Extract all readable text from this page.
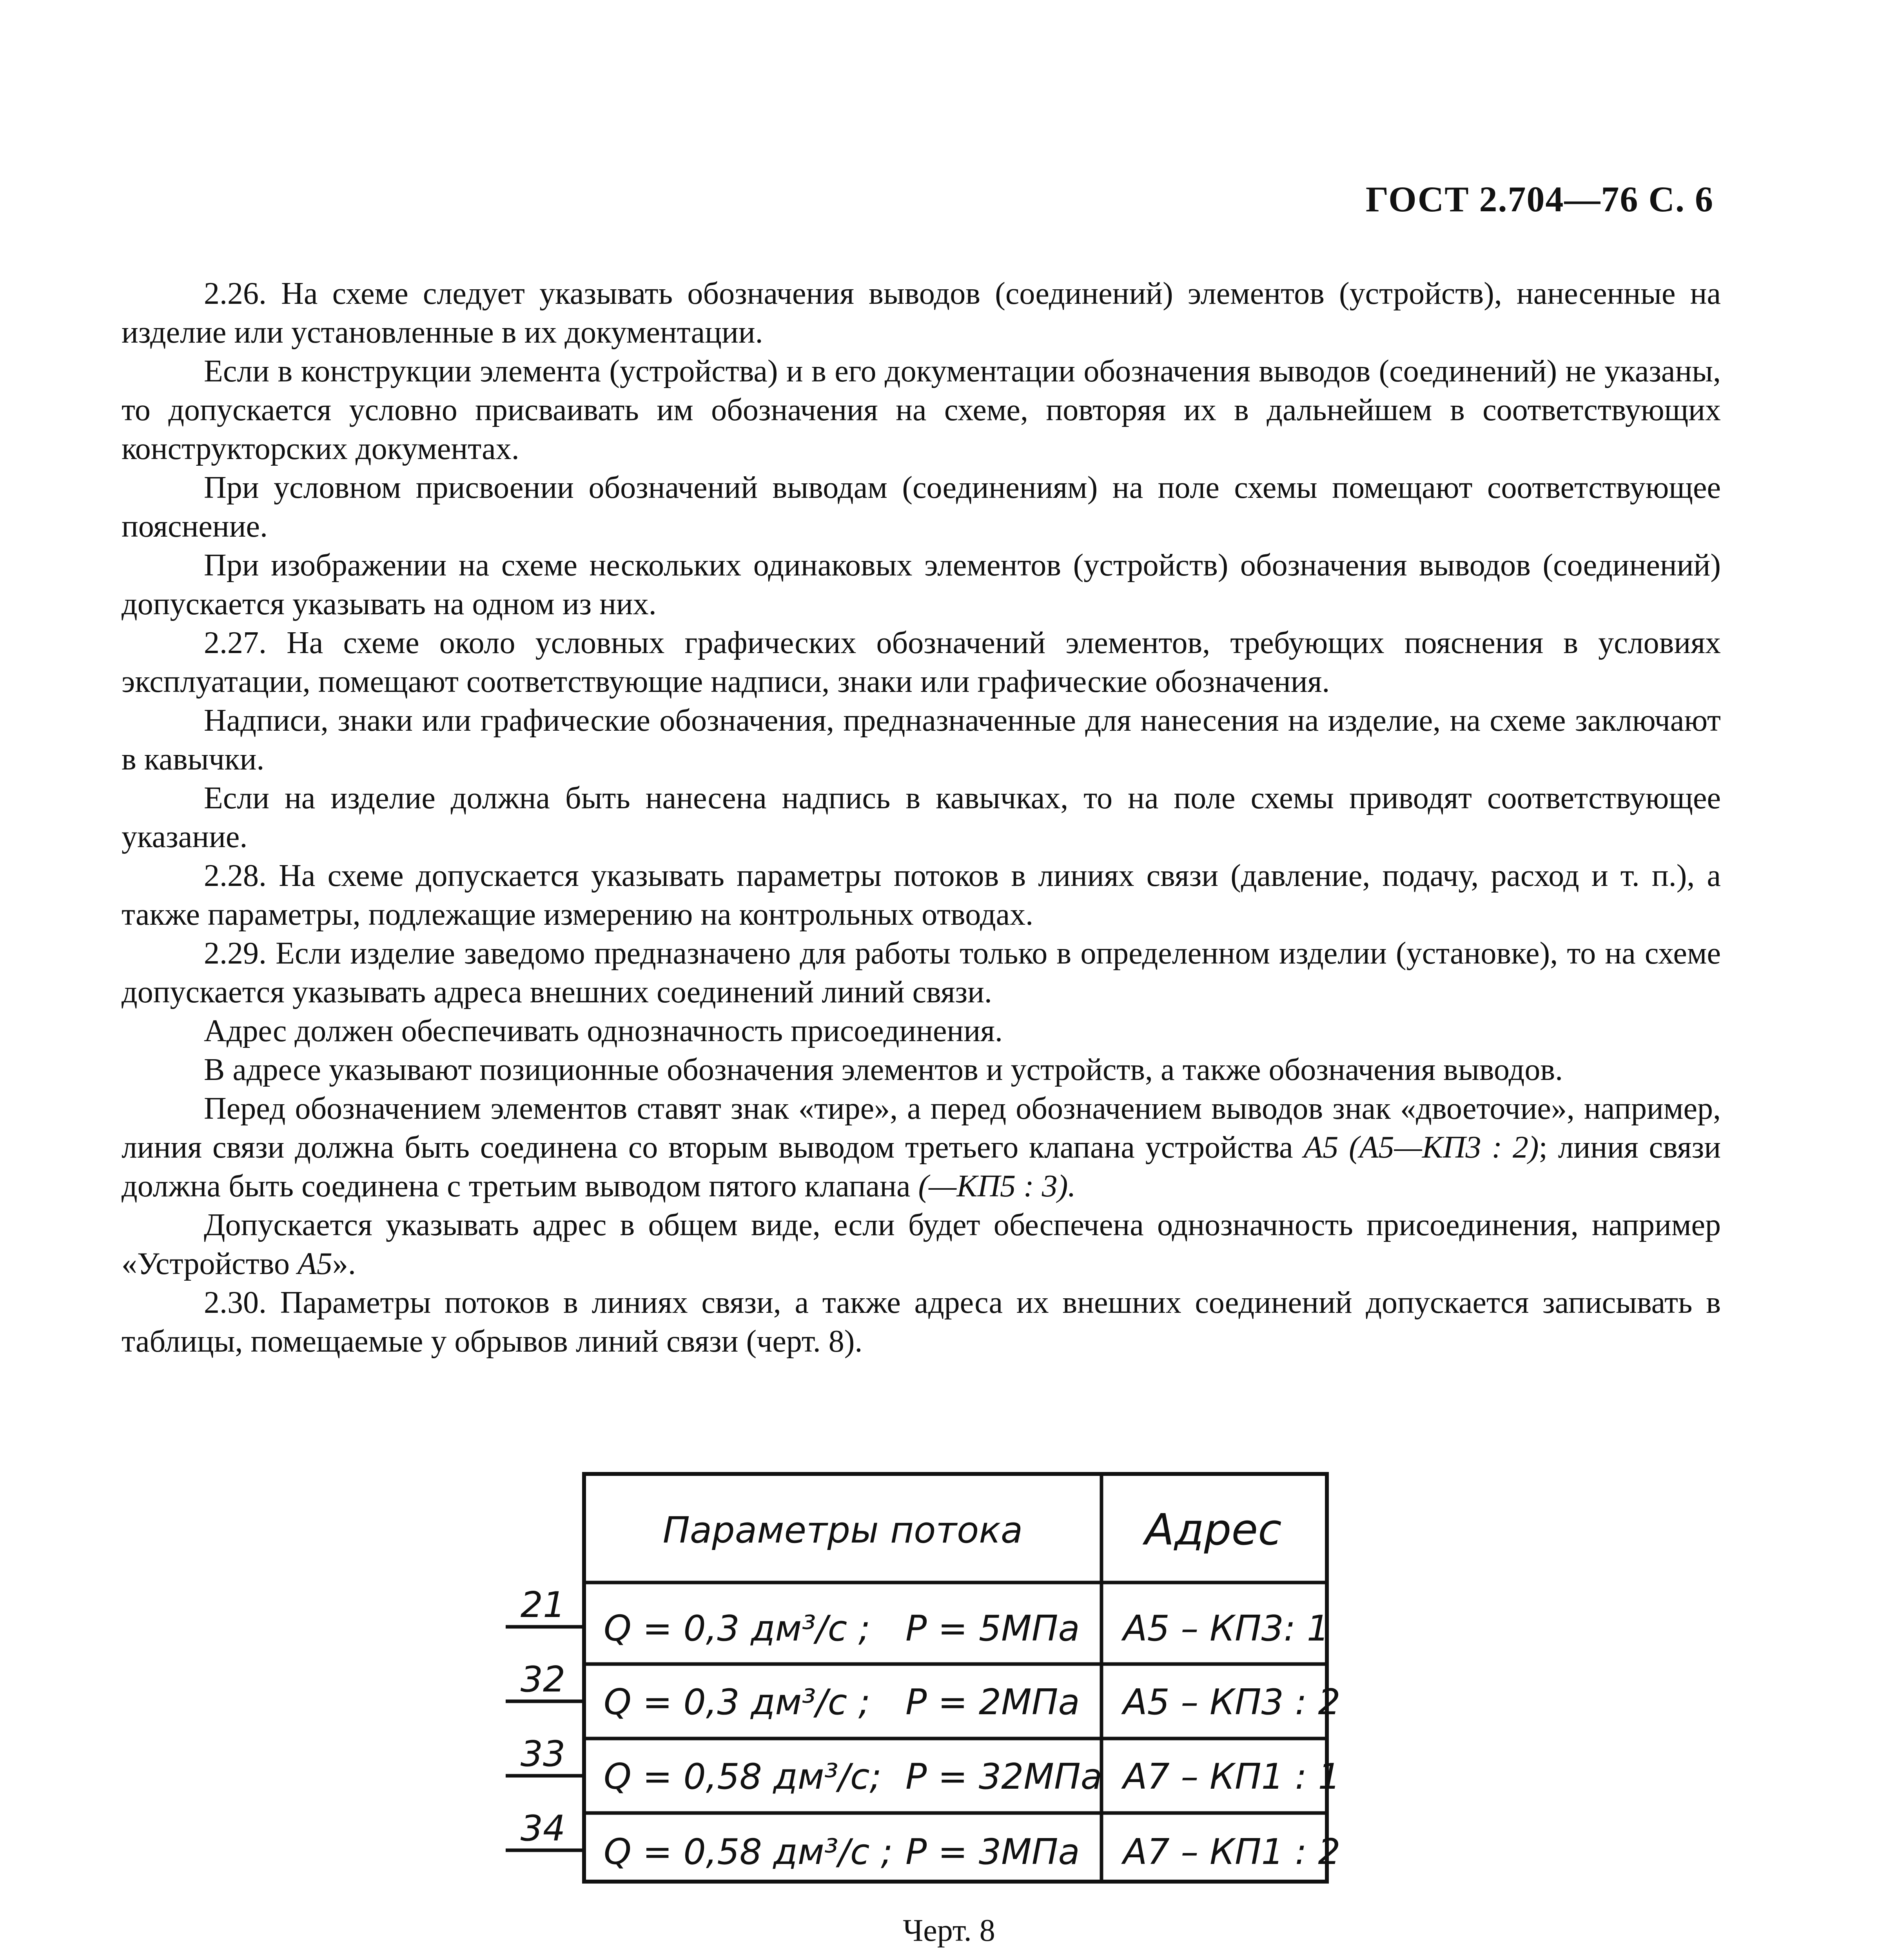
ГОСТ 2.704—76 С. 6

2.26. На схеме следует указывать обозначения выводов (соединений) элементов (устройств), нанесенные на изделие или установленные в их документации.

Если в конструкции элемента (устройства) и в его документации обозначения выводов (соединений) не указаны, то допускается условно присваивать им обозначения на схеме, повторяя их в дальнейшем в соответствующих конструкторских документах.

При условном присвоении обозначений выводам (соединениям) на поле схемы помещают соответствующее пояснение.

При изображении на схеме нескольких одинаковых элементов (устройств) обозначения выводов (соединений) допускается указывать на одном из них.

2.27. На схеме около условных графических обозначений элементов, требующих пояснения в условиях эксплуатации, помещают соответствующие надписи, знаки или графические обозначения.

Надписи, знаки или графические обозначения, предназначенные для нанесения на изделие, на схеме заключают в кавычки.

Если на изделие должна быть нанесена надпись в кавычках, то на поле схемы приводят соответствующее указание.

2.28. На схеме допускается указывать параметры потоков в линиях связи (давление, подачу, расход и т. п.), а также параметры, подлежащие измерению на контрольных отводах.

2.29. Если изделие заведомо предназначено для работы только в определенном изделии (установке), то на схеме допускается указывать адреса внешних соединений линий связи.

Адрес должен обеспечивать однозначность присоединения.

В адресе указывают позиционные обозначения элементов и устройств, а также обозначения выводов.

Перед обозначением элементов ставят знак «тире», а перед обозначением выводов знак «двоеточие», например, линия связи должна быть соединена со вторым выводом третьего клапана устройства А5 (А5—КП3 : 2); линия связи должна быть соединена с третьим выводом пятого клапана (—КП5 : 3).

Допускается указывать адрес в общем виде, если будет обеспечена однозначность присоединения, например «Устройство А5».

2.30. Параметры потоков в линиях связи, а также адреса их внешних соединений допускается записывать в таблицы, помещаемые у обрывов линий связи (черт. 8).

Параметры потока	Адрес
21
32
33
34
Q = 0,3 дм³/с ; P = 5МПа А5 – КП3: 1
Q = 0,3 дм³/с ; P = 2МПа А5 – КП3 : 2
Q = 0,58 дм³/с; P = 32МПа А7 – КП1 : 1
Q = 0,58 дм³/с ; P = 3МПа А7 – КП1 : 2
Черт. 8
